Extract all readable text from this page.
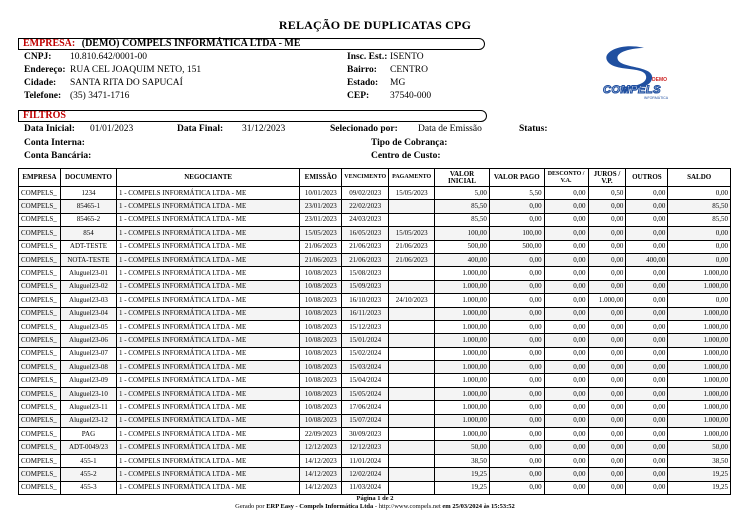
RELAÇÃO DE DUPLICATAS CPG
EMPRESA: (DEMO) COMPELS INFORMÁTICA LTDA - ME
CNPJ: 10.810.642/0001-00
Endereço: RUA CEL JOAQUIM NETO, 151
Cidade: SANTA RITA DO SAPUCAÍ
Telefone: (35) 3471-1716
Insc. Est.: ISENTO
Bairro: CENTRO
Estado: MG
CEP: 37540-000
DEMO
COMPELS
INFORMÁTICA
FILTROS
Data Inicial: 01/01/2023	Data Final: 31/12/2023	Selecionado por: Data de Emissão	Status:
Conta Interna:	Tipo de Cobrança:
Conta Bancária:	Centro de Custo:
EMPRESA	DOCUMENTO	NEGOCIANTE	EMISSÃO	VENCIMENTO	PAGAMENTO	VALOR INICIAL	VALOR PAGO	DESCONTO / V.A.	JUROS / V.P.	OUTROS	SALDO
COMPELS_	1234	1 - COMPELS INFORMÁTICA LTDA - ME	10/01/2023	09/02/2023	15/05/2023	5,00	5,50	0,00	0,50	0,00	0,00
COMPELS_	85465-1	1 - COMPELS INFORMÁTICA LTDA - ME	23/01/2023	22/02/2023		85,50	0,00	0,00	0,00	0,00	85,50
COMPELS_	85465-2	1 - COMPELS INFORMÁTICA LTDA - ME	23/01/2023	24/03/2023		85,50	0,00	0,00	0,00	0,00	85,50
COMPELS_	854	1 - COMPELS INFORMÁTICA LTDA - ME	15/05/2023	16/05/2023	15/05/2023	100,00	100,00	0,00	0,00	0,00	0,00
COMPELS_	ADT-TESTE	1 - COMPELS INFORMÁTICA LTDA - ME	21/06/2023	21/06/2023	21/06/2023	500,00	500,00	0,00	0,00	0,00	0,00
COMPELS_	NOTA-TESTE	1 - COMPELS INFORMÁTICA LTDA - ME	21/06/2023	21/06/2023	21/06/2023	400,00	0,00	0,00	0,00	400,00	0,00
COMPELS_	Aluguel23-01	1 - COMPELS INFORMÁTICA LTDA - ME	10/08/2023	15/08/2023		1.000,00	0,00	0,00	0,00	0,00	1.000,00
COMPELS_	Aluguel23-02	1 - COMPELS INFORMÁTICA LTDA - ME	10/08/2023	15/09/2023		1.000,00	0,00	0,00	0,00	0,00	1.000,00
COMPELS_	Aluguel23-03	1 - COMPELS INFORMÁTICA LTDA - ME	10/08/2023	16/10/2023	24/10/2023	1.000,00	0,00	0,00	1.000,00	0,00	0,00
COMPELS_	Aluguel23-04	1 - COMPELS INFORMÁTICA LTDA - ME	10/08/2023	16/11/2023		1.000,00	0,00	0,00	0,00	0,00	1.000,00
COMPELS_	Aluguel23-05	1 - COMPELS INFORMÁTICA LTDA - ME	10/08/2023	15/12/2023		1.000,00	0,00	0,00	0,00	0,00	1.000,00
COMPELS_	Aluguel23-06	1 - COMPELS INFORMÁTICA LTDA - ME	10/08/2023	15/01/2024		1.000,00	0,00	0,00	0,00	0,00	1.000,00
COMPELS_	Aluguel23-07	1 - COMPELS INFORMÁTICA LTDA - ME	10/08/2023	15/02/2024		1.000,00	0,00	0,00	0,00	0,00	1.000,00
COMPELS_	Aluguel23-08	1 - COMPELS INFORMÁTICA LTDA - ME	10/08/2023	15/03/2024		1.000,00	0,00	0,00	0,00	0,00	1.000,00
COMPELS_	Aluguel23-09	1 - COMPELS INFORMÁTICA LTDA - ME	10/08/2023	15/04/2024		1.000,00	0,00	0,00	0,00	0,00	1.000,00
COMPELS_	Aluguel23-10	1 - COMPELS INFORMÁTICA LTDA - ME	10/08/2023	15/05/2024		1.000,00	0,00	0,00	0,00	0,00	1.000,00
COMPELS_	Aluguel23-11	1 - COMPELS INFORMÁTICA LTDA - ME	10/08/2023	17/06/2024		1.000,00	0,00	0,00	0,00	0,00	1.000,00
COMPELS_	Aluguel23-12	1 - COMPELS INFORMÁTICA LTDA - ME	10/08/2023	15/07/2024		1.000,00	0,00	0,00	0,00	0,00	1.000,00
COMPELS_	PAG	1 - COMPELS INFORMÁTICA LTDA - ME	22/09/2023	30/09/2023		1.000,00	0,00	0,00	0,00	0,00	1.000,00
COMPELS_	ADT-0049/23	1 - COMPELS INFORMÁTICA LTDA - ME	12/12/2023	12/12/2023		50,00	0,00	0,00	0,00	0,00	50,00
COMPELS_	455-1	1 - COMPELS INFORMÁTICA LTDA - ME	14/12/2023	11/01/2024		38,50	0,00	0,00	0,00	0,00	38,50
COMPELS_	455-2	1 - COMPELS INFORMÁTICA LTDA - ME	14/12/2023	12/02/2024		19,25	0,00	0,00	0,00	0,00	19,25
COMPELS_	455-3	1 - COMPELS INFORMÁTICA LTDA - ME	14/12/2023	11/03/2024		19,25	0,00	0,00	0,00	0,00	19,25
Página 1 de 2
Gerado por ERP Easy - Compels Informática Ltda - http://www.compels.net em 25/03/2024 às 15:53:52
